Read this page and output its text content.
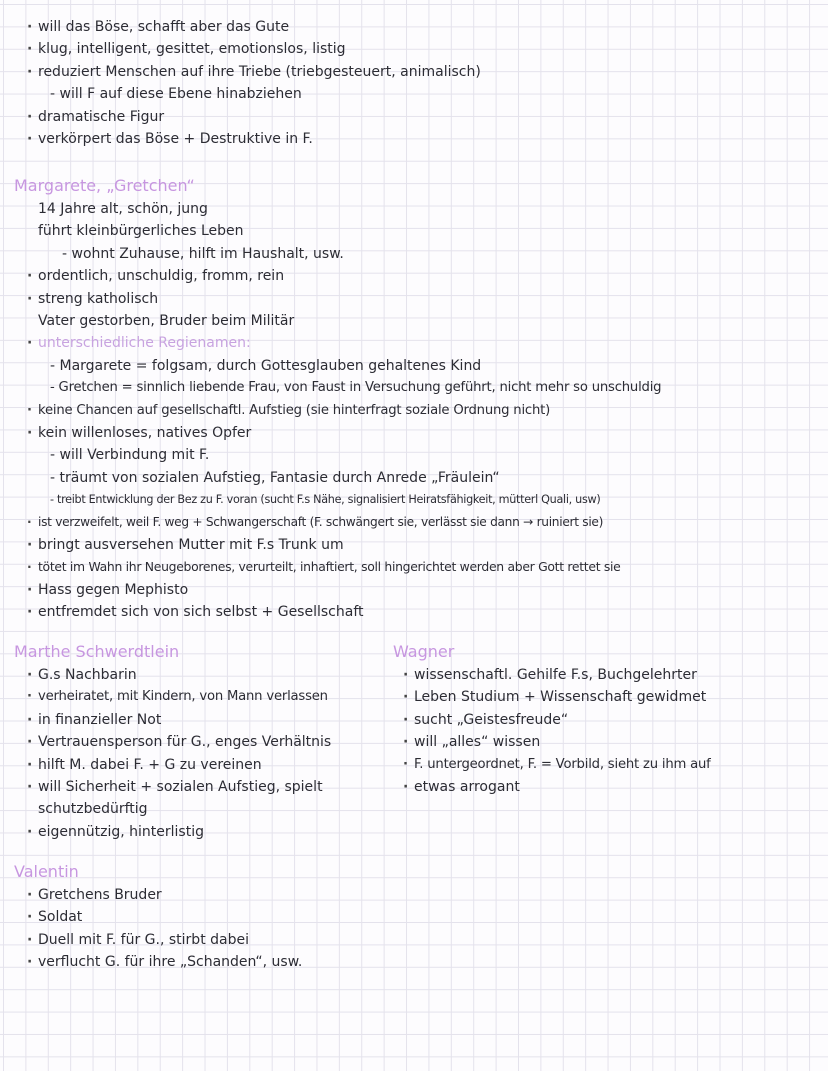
· will das Böse, schafft aber das Gute
· klug, intelligent, gesittet, emotionslos, listig
· reduziert Menschen auf ihre Triebe (triebgesteuert, animalisch)
- will F auf diese Ebene hinabziehen
· dramatische Figur
· verkörpert das Böse + Destruktive in F.
Margarete, „Gretchen“
14 Jahre alt, schön, jung
führt kleinbürgerliches Leben
- wohnt Zuhause, hilft im Haushalt, usw.
· ordentlich, unschuldig, fromm, rein
· streng katholisch
Vater gestorben, Bruder beim Militär
· unterschiedliche Regienamen:
- Margarete = folgsam, durch Gottesglauben gehaltenes Kind
- Gretchen = sinnlich liebende Frau, von Faust in Versuchung geführt, nicht mehr so unschuldig
· keine Chancen auf gesellschaftl. Aufstieg (sie hinterfragt soziale Ordnung nicht)
· kein willenloses, natives Opfer
- will Verbindung mit F.
- träumt von sozialen Aufstieg, Fantasie durch Anrede „Fräulein“
- treibt Entwicklung der Bez zu F. voran (sucht F.s Nähe, signalisiert Heiratsfähigkeit, mütterl Quali, usw)
· ist verzweifelt, weil F. weg + Schwangerschaft (F. schwängert sie, verlässt sie dann → ruiniert sie)
· bringt ausversehen Mutter mit F.s Trunk um
· tötet im Wahn ihr Neugeborenes, verurteilt, inhaftiert, soll hingerichtet werden aber Gott rettet sie
· Hass gegen Mephisto
· entfremdet sich von sich selbst + Gesellschaft
Marthe Schwerdtlein
· G.s Nachbarin
· verheiratet, mit Kindern, von Mann verlassen
· in finanzieller Not
· Vertrauensperson für G., enges Verhältnis
· hilft M. dabei F. + G zu vereinen
· will Sicherheit + sozialen Aufstieg, spielt
schutzbedürftig
· eigennützig, hinterlistig
Wagner
· wissenschaftl. Gehilfe F.s, Buchgelehrter
· Leben Studium + Wissenschaft gewidmet
· sucht „Geistesfreude“
· will „alles“ wissen
· F. untergeordnet, F. = Vorbild, sieht zu ihm auf
· etwas arrogant
Valentin
· Gretchens Bruder
· Soldat
· Duell mit F. für G., stirbt dabei
· verflucht G. für ihre „Schanden“, usw.
